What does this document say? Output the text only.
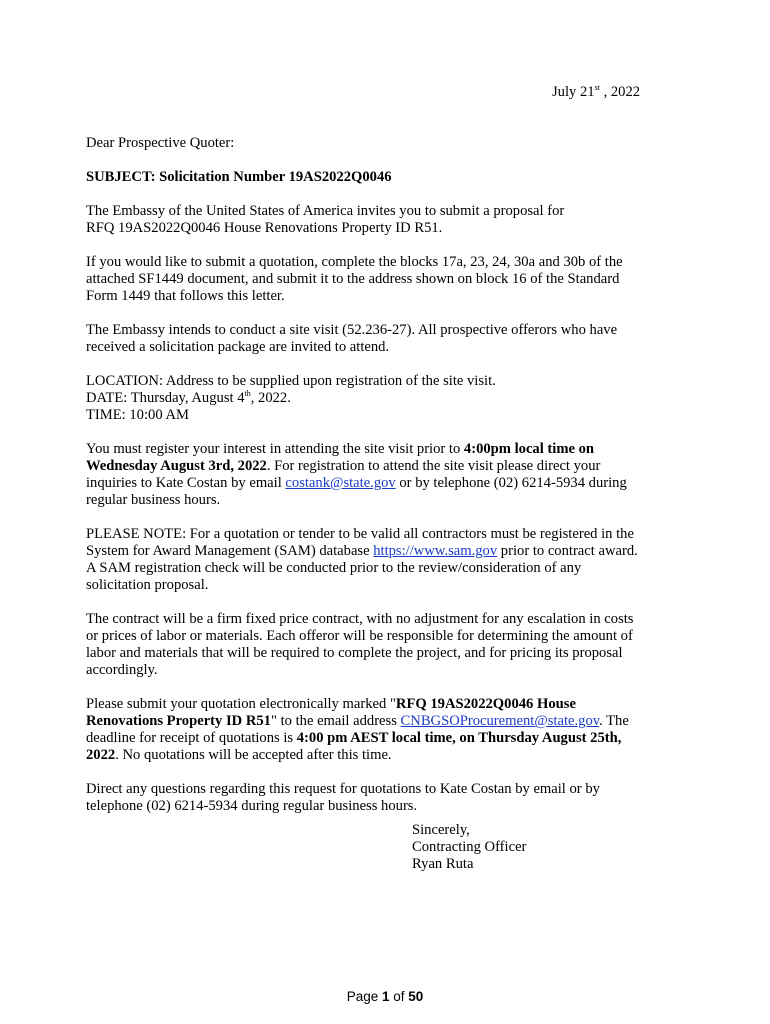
July 21st , 2022

Dear Prospective Quoter:

SUBJECT: Solicitation Number 19AS2022Q0046

The Embassy of the United States of America invites you to submit a proposal for
RFQ 19AS2022Q0046 House Renovations Property ID R51.

If you would like to submit a quotation, complete the blocks 17a, 23, 24, 30a and 30b of the
attached SF1449 document, and submit it to the address shown on block 16 of the Standard
Form 1449 that follows this letter.

The Embassy intends to conduct a site visit (52.236-27). All prospective offerors who have
received a solicitation package are invited to attend.

LOCATION: Address to be supplied upon registration of the site visit.
DATE: Thursday, August 4th, 2022.
TIME: 10:00 AM

You must register your interest in attending the site visit prior to 4:00pm local time on
Wednesday August 3rd, 2022. For registration to attend the site visit please direct your
inquiries to Kate Costan by email costank@state.gov or by telephone (02) 6214-5934 during
regular business hours.

PLEASE NOTE: For a quotation or tender to be valid all contractors must be registered in the
System for Award Management (SAM) database https://www.sam.gov prior to contract award.
A SAM registration check will be conducted prior to the review/consideration of any
solicitation proposal.

The contract will be a firm fixed price contract, with no adjustment for any escalation in costs
or prices of labor or materials. Each offeror will be responsible for determining the amount of
labor and materials that will be required to complete the project, and for pricing its proposal
accordingly.

Please submit your quotation electronically marked "RFQ 19AS2022Q0046 House
Renovations Property ID R51" to the email address CNBGSOProcurement@state.gov. The
deadline for receipt of quotations is 4:00 pm AEST local time, on Thursday August 25th,
2022. No quotations will be accepted after this time.

Direct any questions regarding this request for quotations to Kate Costan by email or by
telephone (02) 6214-5934 during regular business hours.

Sincerely,
Contracting Officer
Ryan Ruta
Page 1 of 50
